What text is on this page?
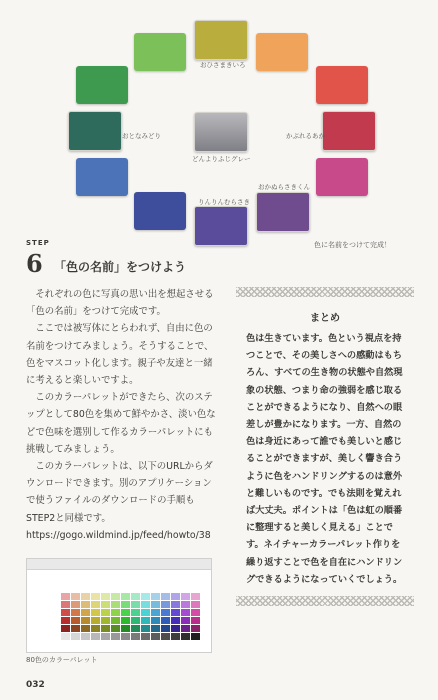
おひさまきいろ
かぶれるあか
おかぬらさきくん
りんりんむらさき
おとなみどり
どんよりふじグレー
色に名前をつけて完成！
STEP
6 「色の名前」をつけよう

それぞれの色に写真の思い出を想起させる「色の名前」をつけて完成です。

ここでは被写体にとらわれず、自由に色の名前をつけてみましょう。そうすることで、色をマスコット化します。親子や友達と一緒に考えると楽しいですよ。

このカラーパレットができたら、次のステップとして80色を集めて鮮やかさ、淡い色などで色味を選別して作るカラーパレットにも挑戦してみましょう。

このカラーパレットは、以下のURLからダウンロードできます。別のアプリケーションで使うファイルのダウンロードの手順もSTEP2と同様です。

https://gogo.wildmind.jp/feed/howto/38

80色のカラーパレット
まとめ
色は生きています。色という視点を持つことで、その美しさへの感動はもちろん、すべての生き物の状態や自然現象の状態、つまり命の強弱を感じ取ることができるようになり、自然への眼差しが豊かになります。一方、自然の色は身近にあって誰でも美しいと感じることができますが、美しく響き合うように色をハンドリングするのは意外と難しいものです。でも法則を覚えれば大丈夫。ポイントは「色は虹の順番に整理すると美しく見える」ことです。ネイチャーカラーパレット作りを繰り返すことで色を自在にハンドリングできるようになっていくでしょう。
032
